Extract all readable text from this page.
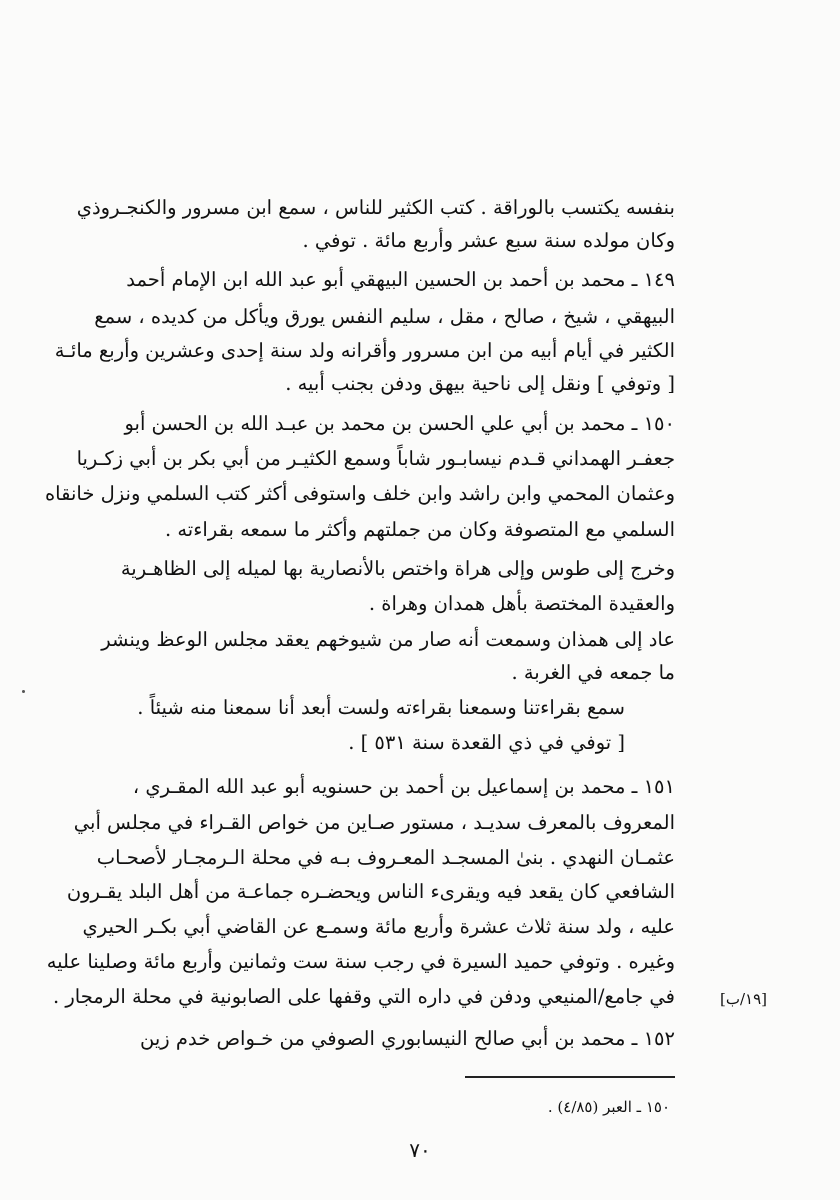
بنفسه يكتسب بالوراقة . كتب الكثير للناس ، سمع ابن مسرور والكنجـروذي
وكان مولده سنة سبع عشر وأربع مائة . توفي .
١٤٩ ـ محمد بن أحمد بن الحسين البيهقي أبو عبد الله ابن الإمام أحمد
البيهقي ، شيخ ، صالح ، مقل ، سليم النفس يورق ويأكل من كديده ، سمع
الكثير في أيام أبيه من ابن مسرور وأقرانه ولد سنة إحدى وعشرين وأربع مائـة
[ وتوفي ] ونقل إلى ناحية بيهق ودفن بجنب أبيه .
١٥٠ ـ محمد بن أبي علي الحسن بن محمد بن عبـد الله بن الحسن أبو
جعفـر الهمداني قـدم نيسابـور شاباً وسمع الكثيـر من أبي بكر بن أبي زكـريا
وعثمان المحمي وابن راشد وابن خلف واستوفى أكثر كتب السلمي ونزل خانقاه
السلمي مع المتصوفة وكان من جملتهم وأكثر ما سمعه بقراءته .
وخرج إلى طوس وإلى هراة واختص بالأنصارية بها لميله إلى الظاهـرية
والعقيدة المختصة بأهل همدان وهراة .
عاد إلى همذان وسمعت أنه صار من شيوخهم يعقد مجلس الوعظ وينشر
ما جمعه في الغربة .
سمع بقراءتنا وسمعنا بقراءته ولست أبعد أنا سمعنا منه شيئاً .
[ توفي في ذي القعدة سنة ٥٣١ ] .
١٥١ ـ محمد بن إسماعيل بن أحمد بن حسنويه أبو عبد الله المقـري ،
المعروف بالمعرف سديـد ، مستور صـاين من خواص القـراء في مجلس أبي
عثمـان النهدي . بنىٰ المسجـد المعـروف بـه في محلة الـرمجـار لأصحـاب
الشافعي كان يقعد فيه ويقرىء الناس ويحضـره جماعـة من أهل البلد يقـرون
عليه ، ولد سنة ثلاث عشرة وأربع مائة وسمـع عن القاضي أبي بكـر الحيري
وغيره . وتوفي حميد السيرة في رجب سنة ست وثمانين وأربع مائة وصلينا عليه
في جامع/المنيعي ودفن في داره التي وقفها على الصابونية في محلة الرمجار .
١٥٢ ـ محمد بن أبي صالح النيسابوري الصوفي من خـواص خدم زين
[١٩/ب]
١٥٠ ـ العبر (٤/٨٥) .
٧٠
